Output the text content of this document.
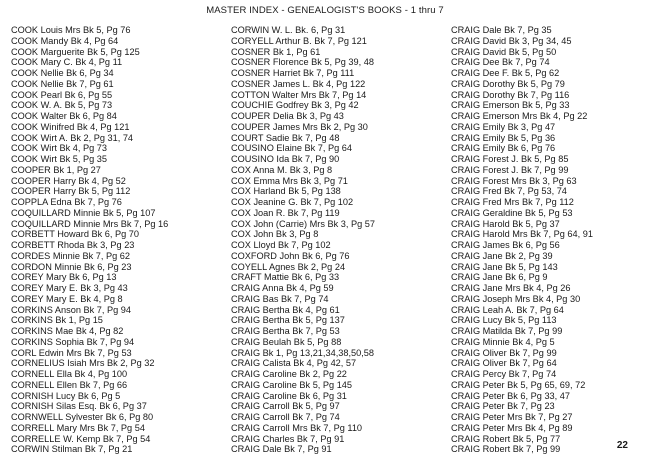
MASTER INDEX - GENEALOGIST'S BOOKS - 1 thru 7
COOK Louis Mrs Bk 5, Pg 76
COOK Mandy Bk 4, Pg 64
COOK Marguerite Bk 5, Pg 125
COOK Mary C. Bk 4, Pg 11
COOK Nellie Bk 6, Pg 34
COOK Nellie Bk 7, Pg 61
COOK Pearl Bk 6, Pg 55
COOK W. A. Bk 5, Pg 73
COOK Walter Bk 6, Pg 84
COOK Winifred Bk 4, Pg 121
COOK Wirt A. Bk 2, Pg 31, 74
COOK Wirt Bk 4, Pg 73
COOK Wirt Bk 5, Pg 35
COOPER Bk 1, Pg 27
COOPER Harry Bk 4, Pg 52
COOPER Harry Bk 5, Pg 112
COPPLA Edna Bk 7, Pg 76
COQUILLARD Minnie Bk 5, Pg 107
COQUILLARD Minnie Mrs Bk 7, Pg 16
CORBETT Howard Bk 6, Pg 70
CORBETT Rhoda Bk 3, Pg 23
CORDES Minnie Bk 7, Pg 62
CORDON Minnie Bk 6, Pg 23
COREY Mary Bk 6, Pg 13
COREY Mary E. Bk 3, Pg 43
COREY Mary E. Bk 4, Pg 8
CORKINS Anson Bk 7, Pg 94
CORKINS Bk 1, Pg 15
CORKINS Mae Bk 4, Pg 82
CORKINS Sophia Bk 7, Pg 94
CORL Edwin Mrs Bk 7, Pg 53
CORNELIUS Isiah Mrs Bk 2, Pg 32
CORNELL Ella Bk 4, Pg 100
CORNELL Ellen Bk 7, Pg 66
CORNISH Lucy Bk 6, Pg 5
CORNISH Silas Esq. Bk 6, Pg 37
CORNWELL Sylvester Bk 6, Pg 80
CORRELL Mary Mrs Bk 7, Pg 54
CORRELLE W. Kemp Bk 7, Pg 54
CORWIN Stilman Bk 7, Pg 21
CORWIN W. L. Bk. 6, Pg 31
CORYELL Arthur B. Bk 7, Pg 121
COSNER Bk 1, Pg 61
COSNER Florence Bk 5, Pg 39, 48
COSNER Harriet Bk 7, Pg 111
COSNER James L. Bk 4, Pg 122
COTTON Walter Mrs Bk 7, Pg 14
COUCHIE Godfrey Bk 3, Pg 42
COUPER Delia Bk 3, Pg 43
COUPER James Mrs Bk 2, Pg 30
COURT Sadie Bk 7, Pg 48
COUSINO Elaine Bk 7, Pg 64
COUSINO Ida Bk 7, Pg 90
COX Anna M. Bk 3, Pg 8
COX Emma Mrs Bk 3, Pg 71
COX Harland Bk 5, Pg 138
COX Jeanine G. Bk 7, Pg 102
COX Joan R. Bk 7, Pg 119
COX John (Carrie) Mrs Bk 3, Pg 57
COX John Bk 3, Pg 8
COX Lloyd Bk 7, Pg 102
COXFORD John Bk 6, Pg 76
COYELL Agnes Bk 2, Pg 24
CRAFT Mattie Bk 6, Pg 33
CRAIG Anna Bk 4, Pg 59
CRAIG Bas Bk 7, Pg 74
CRAIG Bertha Bk 4, Pg 61
CRAIG Bertha Bk 5, Pg 137
CRAIG Bertha Bk 7, Pg 53
CRAIG Beulah Bk 5, Pg 88
CRAIG Bk 1, Pg 13,21,34,38,50,58
CRAIG Calista Bk 4, Pg 42, 57
CRAIG Caroline Bk 2, Pg 22
CRAIG Caroline Bk 5, Pg 145
CRAIG Caroline Bk 6, Pg 31
CRAIG Carroll Bk 5, Pg 97
CRAIG Carroll Bk 7, Pg 74
CRAIG Carroll Mrs Bk 7, Pg 110
CRAIG Charles Bk 7, Pg 91
CRAIG Dale Bk 7, Pg 91
CRAIG Dale Bk 7, Pg 35
CRAIG David Bk 3, Pg 34, 45
CRAIG David Bk 5, Pg 50
CRAIG Dee Bk 7, Pg 74
CRAIG Dee F. Bk 5, Pg 62
CRAIG Dorothy Bk 5, Pg 79
CRAIG Dorothy Bk 7, Pg 116
CRAIG Emerson Bk 5, Pg 33
CRAIG Emerson Mrs Bk 4, Pg 22
CRAIG Emily Bk 3, Pg 47
CRAIG Emily Bk 5, Pg 36
CRAIG Emily Bk 6, Pg 76
CRAIG Forest J. Bk 5, Pg 85
CRAIG Forest J. Bk 7, Pg 99
CRAIG Forest Mrs Bk 3, Pg 63
CRAIG Fred Bk 7, Pg 53, 74
CRAIG Fred Mrs Bk 7, Pg 112
CRAIG Geraldine Bk 5, Pg 53
CRAIG Harold Bk 5, Pg 37
CRAIG Harold Mrs Bk 7, Pg 64, 91
CRAIG James Bk 6, Pg 56
CRAIG Jane Bk 2, Pg 39
CRAIG Jane Bk 5, Pg 143
CRAIG Jane Bk 6, Pg 9
CRAIG Jane Mrs Bk 4, Pg 26
CRAIG Joseph Mrs Bk 4, Pg 30
CRAIG Leah A. Bk 7, Pg 64
CRAIG Lucy Bk 5, Pg 113
CRAIG Matilda Bk 7, Pg 99
CRAIG Minnie Bk 4, Pg 5
CRAIG Oliver Bk 7, Pg 99
CRAIG Oliver Bk 7, Pg 64
CRAIG Percy Bk 7, Pg 74
CRAIG Peter Bk 5, Pg 65, 69, 72
CRAIG Peter Bk 6, Pg 33, 47
CRAIG Peter Bk 7, Pg 23
CRAIG Peter Mrs Bk 7, Pg 27
CRAIG Peter Mrs Bk 4, Pg 89
CRAIG Robert Bk 5, Pg 77
CRAIG Robert Bk 7, Pg 99	22
